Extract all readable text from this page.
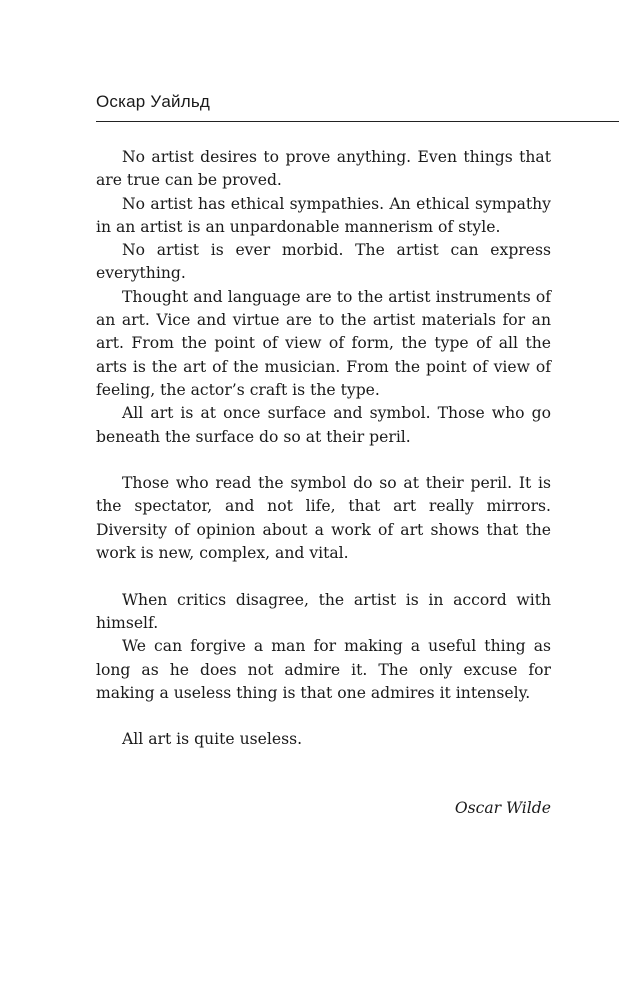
Оскар Уайльд

No artist desires to prove anything. Even things that are true can be proved.

No artist has ethical sympathies. An ethical sympathy in an artist is an unpardonable mannerism of style.

No artist is ever morbid. The artist can express everything.

Thought and language are to the artist instruments of an art. Vice and virtue are to the artist materials for an art. From the point of view of form, the type of all the arts is the art of the musician. From the point of view of feeling, the actor’s craft is the type.

All art is at once surface and symbol. Those who go beneath the surface do so at their peril.

Those who read the symbol do so at their peril. It is the spectator, and not life, that art really mirrors. Diversity of opinion about a work of art shows that the work is new, complex, and vital.

When critics disagree, the artist is in accord with himself.

We can forgive a man for making a useful thing as long as he does not admire it. The only excuse for making a useless thing is that one admires it intensely.

All art is quite useless.

Oscar Wilde
